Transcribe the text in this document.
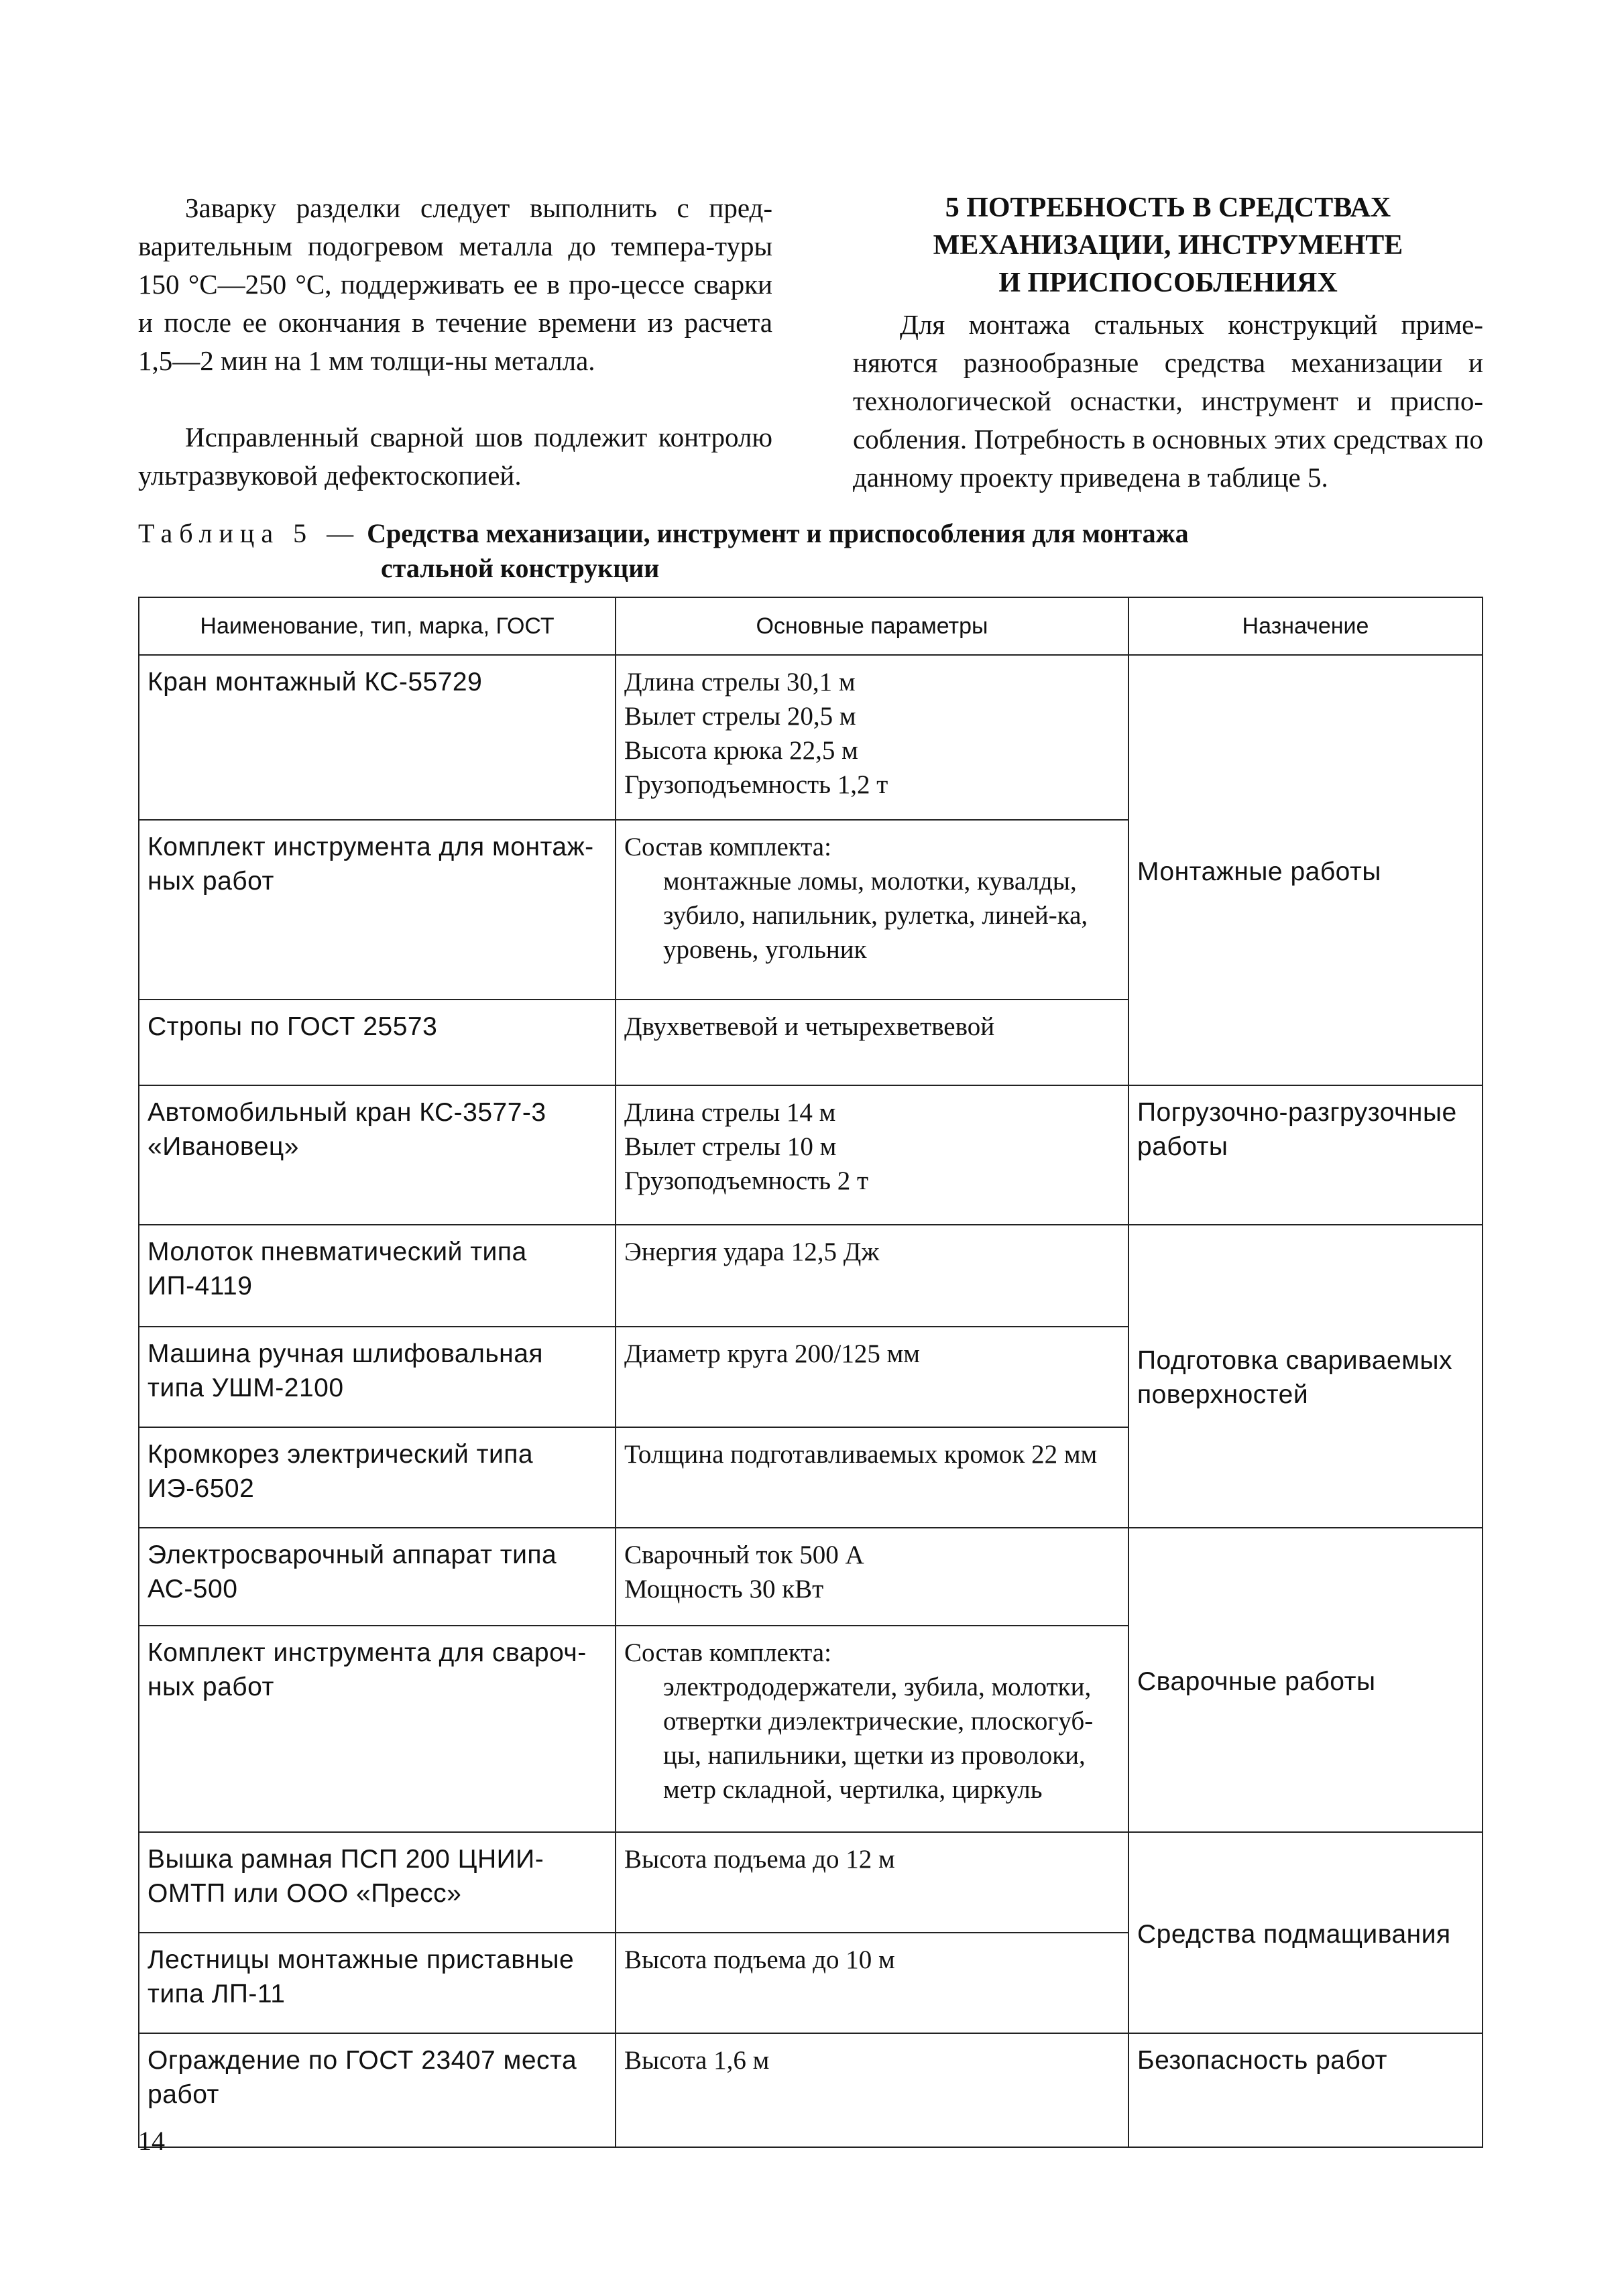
Заварку разделки следует выполнить с пред-варительным подогревом металла до темпера-туры 150 °С—250 °С, поддерживать ее в про-цессе сварки и после ее окончания в течение времени из расчета 1,5—2 мин на 1 мм толщи-ны металла.

Исправленный сварной шов подлежит контролю ультразвуковой дефектоскопией.

5 ПОТРЕБНОСТЬ В СРЕДСТВАХ
МЕХАНИЗАЦИИ, ИНСТРУМЕНТЕ
И ПРИСПОСОБЛЕНИЯХ

Для монтажа стальных конструкций приме-няются разнообразные средства механизации и технологической оснастки, инструмент и приспо-собления. Потребность в основных этих средствах по данному проекту приведена в таблице 5.

Таблица 5 — Средства механизации, инструмент и приспособления для монтажа
стальной конструкции

Наименование, тип, марка, ГОСТ	Основные параметры	Назначение
Кран монтажный КС-55729	Длина стрелы 30,1 м
Вылет стрелы 20,5 м
Высота крюка 22,5 м
Грузоподъемность 1,2 т	Монтажные работы
Комплект инструмента для монтаж-ных работ	Состав комплекта:
монтажные ломы, молотки, кувалды, зубило, напильник, рулетка, линей-ка, уровень, угольник	

Стропы по ГОСТ 25573	Двухветвевой и четырехветвевой	

Автомобильный кран КС-3577-3 «Ивановец»	Длина стрелы 14 м
Вылет стрелы 10 м
Грузоподъемность 2 т	Погрузочно-разгрузочные работы
Молоток пневматический типа ИП-4119	Энергия удара 12,5 Дж	Подготовка свариваемых поверхностей
Машина ручная шлифовальная типа УШМ-2100	Диаметр круга 200/125 мм	

Кромкорез электрический типа ИЭ-6502	Толщина подготавливаемых кромок 22 мм	

Электросварочный аппарат типа АС-500	Сварочный ток 500 А
Мощность 30 кВт	Сварочные работы
Комплект инструмента для свароч-ных работ	Состав комплекта:
электрододержатели, зубила, молотки, отвертки диэлектрические, плоскогуб-цы, напильники, щетки из проволоки, метр складной, чертилка, циркуль	

Вышка рамная ПСП 200 ЦНИИ-ОМТП или ООО «Пресс»	Высота подъема до 12 м	Средства подмащивания
Лестницы монтажные приставные типа ЛП-11	Высота подъема до 10 м	

Ограждение по ГОСТ 23407 места работ	Высота 1,6 м	Безопасность работ
14
